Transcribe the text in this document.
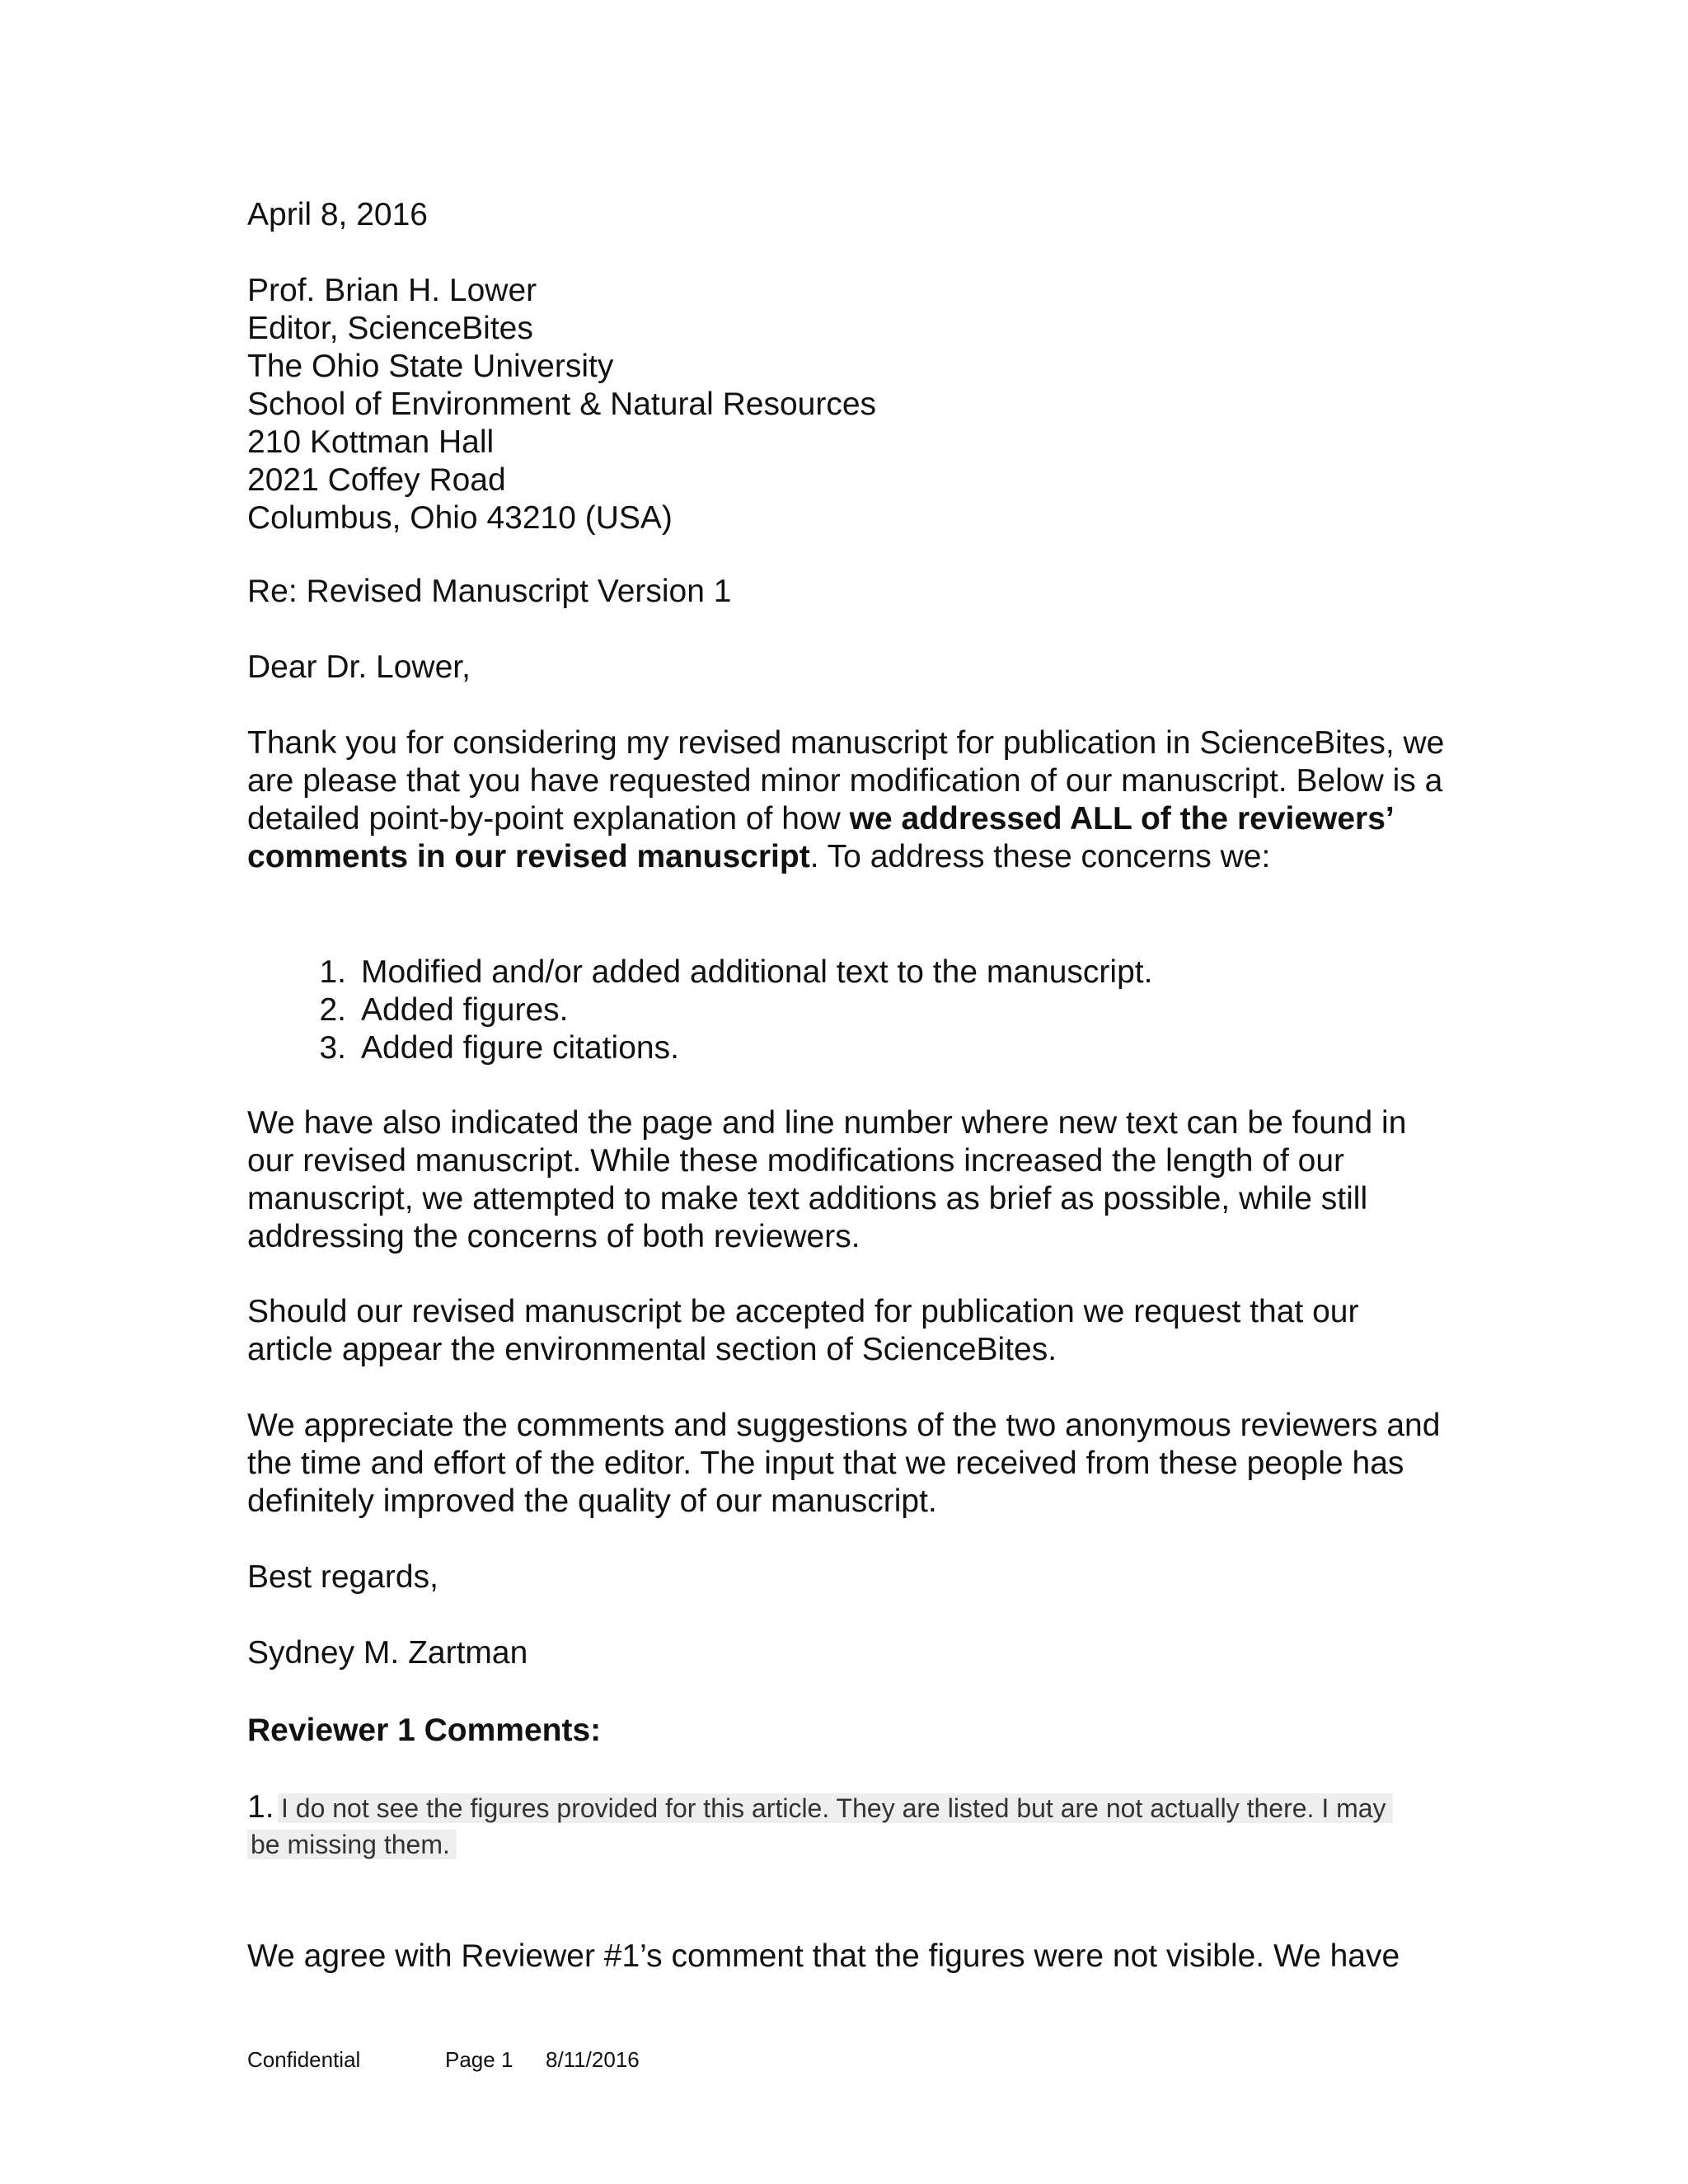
April 8, 2016

Prof. Brian H. Lower
Editor, ScienceBites
The Ohio State University
School of Environment & Natural Resources
210 Kottman Hall
2021 Coffey Road
Columbus, Ohio 43210 (USA)

Re: Revised Manuscript Version 1

Dear Dr. Lower,

Thank you for considering my revised manuscript for publication in ScienceBites, we are please that you have requested minor modification of our manuscript. Below is a detailed point-by-point explanation of how we addressed ALL of the reviewers’ comments in our revised manuscript. To address these concerns we:

1. Modified and/or added additional text to the manuscript.
2. Added figures.
3. Added figure citations.

We have also indicated the page and line number where new text can be found in our revised manuscript. While these modifications increased the length of our manuscript, we attempted to make text additions as brief as possible, while still addressing the concerns of both reviewers.

Should our revised manuscript be accepted for publication we request that our article appear the environmental section of ScienceBites.

We appreciate the comments and suggestions of the two anonymous reviewers and the time and effort of the editor. The input that we received from these people has definitely improved the quality of our manuscript.

Best regards,

Sydney M. Zartman

Reviewer 1 Comments:

1. I do not see the figures provided for this article. They are listed but are not actually there. I may be missing them.

We agree with Reviewer #1’s comment that the figures were not visible. We have

Confidential	Page 1 8/11/2016
